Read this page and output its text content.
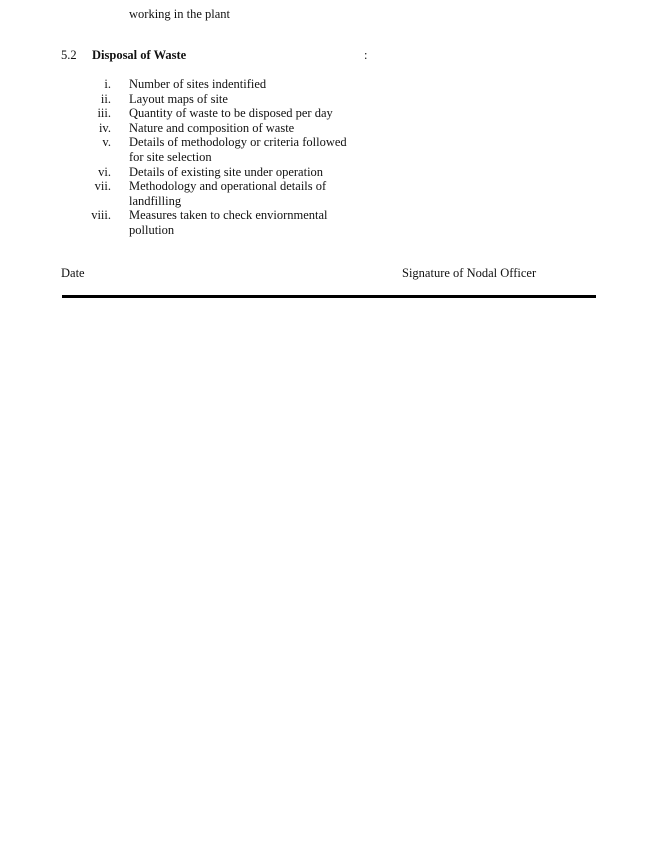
working in the plant
5.2 Disposal of Waste	:
i. Number of sites indentified
ii. Layout maps of site
iii. Quantity of waste to be disposed per day
iv. Nature and composition of waste
v. Details of methodology or criteria followed for site selection
vi. Details of existing site under operation
vii. Methodology and operational details of landfilling
viii. Measures taken to check enviornmental pollution
Date	Signature of Nodal Officer
